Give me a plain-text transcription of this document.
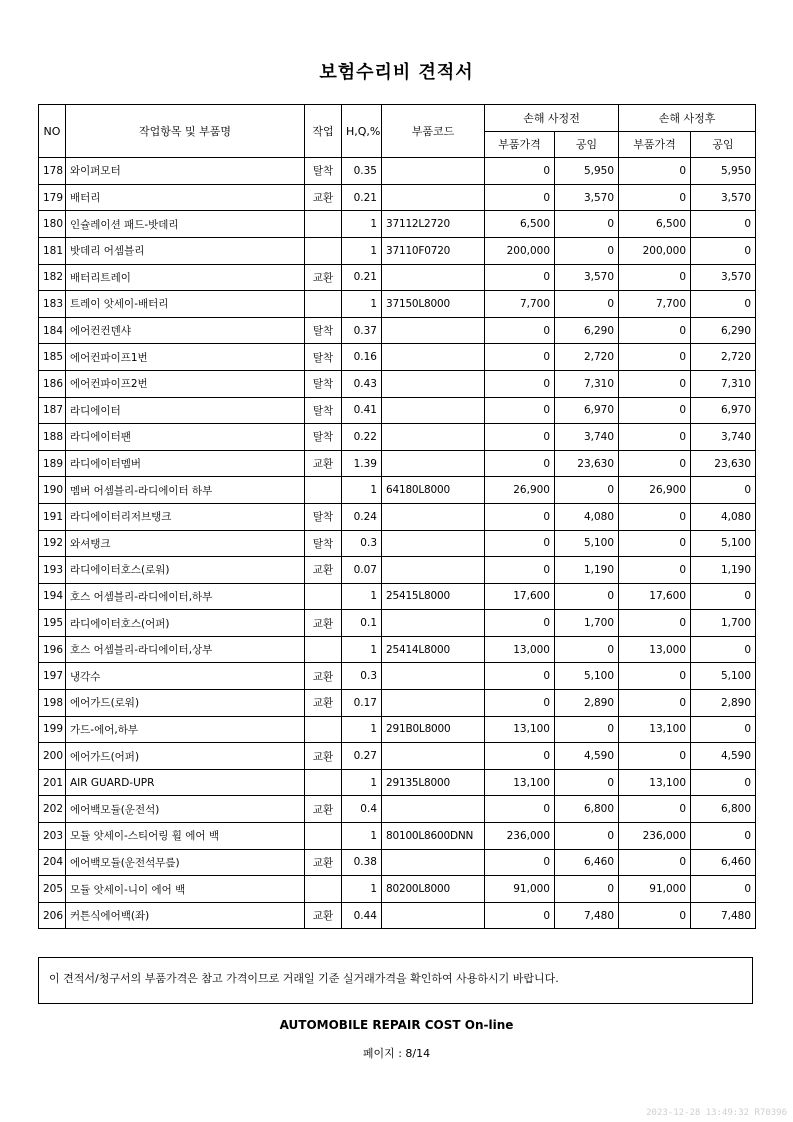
보험수리비 견적서
NO	작업항목 및 부품명	작업	H,Q,%	부품코드	손해 사정전		손해 사정후	
					부품가격	공임	부품가격	공임
178	와이퍼모터	탈착	0.35		0	5,950	0	5,950
179	배터리	교환	0.21		0	3,570	0	3,570
180	인슐레이션 패드-밧데리		1	37112L2720	6,500	0	6,500	0
181	밧데리 어셈블리		1	37110F0720	200,000	0	200,000	0
182	배터리트레이	교환	0.21		0	3,570	0	3,570
183	트레이 앗세이-배터리		1	37150L8000	7,700	0	7,700	0
184	에어컨컨덴샤	탈착	0.37		0	6,290	0	6,290
185	에어컨파이프1번	탈착	0.16		0	2,720	0	2,720
186	에어컨파이프2번	탈착	0.43		0	7,310	0	7,310
187	라디에이터	탈착	0.41		0	6,970	0	6,970
188	라디에이터팬	탈착	0.22		0	3,740	0	3,740
189	라디에이터멤버	교환	1.39		0	23,630	0	23,630
190	멤버 어셈블리-라디에이터 하부		1	64180L8000	26,900	0	26,900	0
191	라디에이터리저브탱크	탈착	0.24		0	4,080	0	4,080
192	와셔탱크	탈착	0.3		0	5,100	0	5,100
193	라디에이터호스(로워)	교환	0.07		0	1,190	0	1,190
194	호스 어셈블리-라디에이터,하부		1	25415L8000	17,600	0	17,600	0
195	라디에이터호스(어퍼)	교환	0.1		0	1,700	0	1,700
196	호스 어셈블리-라디에이터,상부		1	25414L8000	13,000	0	13,000	0
197	냉각수	교환	0.3		0	5,100	0	5,100
198	에어가드(로워)	교환	0.17		0	2,890	0	2,890
199	가드-에어,하부		1	291B0L8000	13,100	0	13,100	0
200	에어가드(어퍼)	교환	0.27		0	4,590	0	4,590
201	AIR GUARD-UPR		1	29135L8000	13,100	0	13,100	0
202	에어백모듈(운전석)	교환	0.4		0	6,800	0	6,800
203	모듈 앗세이-스티어링 휠 에어 백		1	80100L8600DNN	236,000	0	236,000	0
204	에어백모듈(운전석무릎)	교환	0.38		0	6,460	0	6,460
205	모듈 앗세이-니이 에어 백		1	80200L8000	91,000	0	91,000	0
206	커튼식에어백(좌)	교환	0.44		0	7,480	0	7,480
이 견적서/청구서의 부품가격은 참고 가격이므로 거래일 기준 실거래가격을 확인하여 사용하시기 바랍니다.
AUTOMOBILE REPAIR COST On-line
페이지 : 8/14
2023-12-28 13:49:32 R70396
